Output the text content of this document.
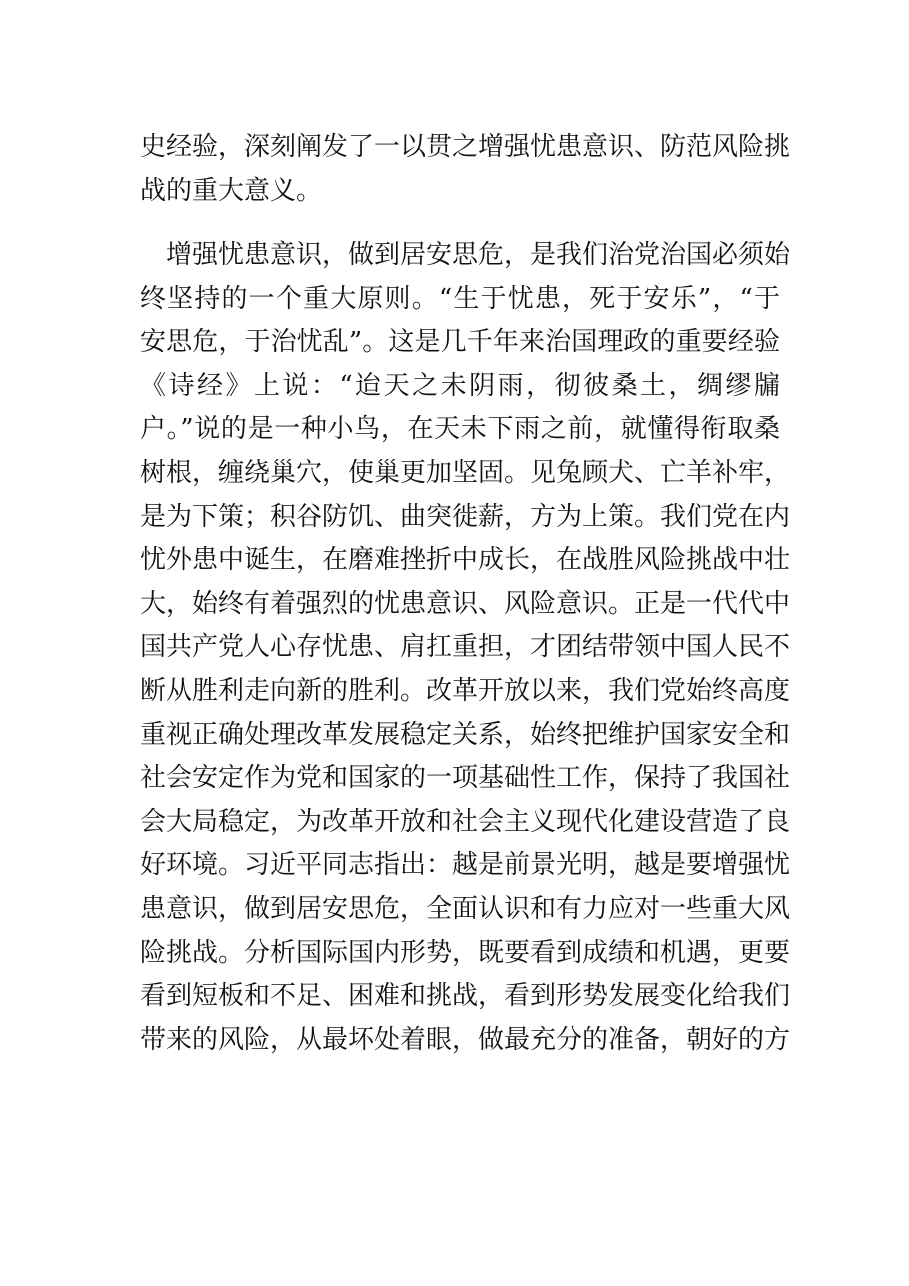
史经验，深刻阐发了一以贯之增强忧患意识、防范风险挑
战的重大意义。
增强忧患意识，做到居安思危，是我们治党治国必须始
终坚持的一个重大原则。“生于忧患，死于安乐”，“于
安思危，于治忧乱”。这是几千年来治国理政的重要经验
《诗经》上说：“迨天之未阴雨，彻彼桑土，绸缪牖
户。”说的是一种小鸟，在天未下雨之前，就懂得衔取桑
树根，缠绕巢穴，使巢更加坚固。见兔顾犬、亡羊补牢，
是为下策；积谷防饥、曲突徙薪，方为上策。我们党在内
忧外患中诞生，在磨难挫折中成长，在战胜风险挑战中壮
大，始终有着强烈的忧患意识、风险意识。正是一代代中
国共产党人心存忧患、肩扛重担，才团结带领中国人民不
断从胜利走向新的胜利。改革开放以来，我们党始终高度
重视正确处理改革发展稳定关系，始终把维护国家安全和
社会安定作为党和国家的一项基础性工作，保持了我国社
会大局稳定，为改革开放和社会主义现代化建设营造了良
好环境。习近平同志指出：越是前景光明，越是要增强忧
患意识，做到居安思危，全面认识和有力应对一些重大风
险挑战。分析国际国内形势，既要看到成绩和机遇，更要
看到短板和不足、困难和挑战，看到形势发展变化给我们
带来的风险，从最坏处着眼，做最充分的准备，朝好的方
